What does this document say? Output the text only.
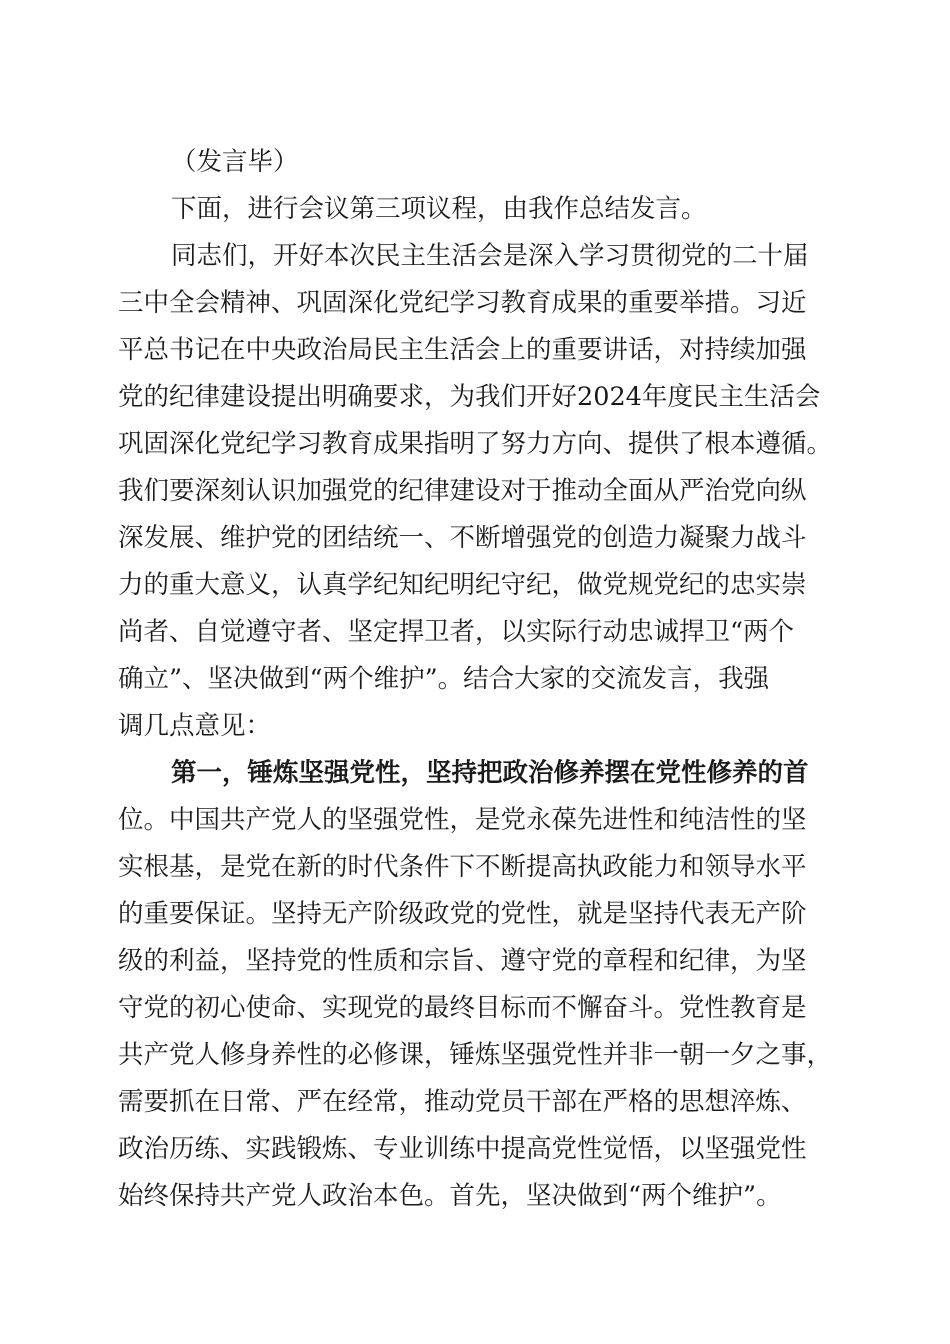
（发言毕）
下面，进行会议第三项议程，由我作总结发言。
同志们，开好本次民主生活会是深入学习贯彻党的二十届
三中全会精神、巩固深化党纪学习教育成果的重要举措。习近
平总书记在中央政治局民主生活会上的重要讲话，对持续加强
党的纪律建设提出明确要求，为我们开好2024年度民主生活会
巩固深化党纪学习教育成果指明了努力方向、提供了根本遵循。
我们要深刻认识加强党的纪律建设对于推动全面从严治党向纵
深发展、维护党的团结统一、不断增强党的创造力凝聚力战斗
力的重大意义，认真学纪知纪明纪守纪，做党规党纪的忠实崇
尚者、自觉遵守者、坚定捍卫者，以实际行动忠诚捍卫“两个
确立”、坚决做到“两个维护”。结合大家的交流发言，我强
调几点意见：
第一，锤炼坚强党性，坚持把政治修养摆在党性修养的首
位。中国共产党人的坚强党性，是党永葆先进性和纯洁性的坚
实根基，是党在新的时代条件下不断提高执政能力和领导水平
的重要保证。坚持无产阶级政党的党性，就是坚持代表无产阶
级的利益，坚持党的性质和宗旨、遵守党的章程和纪律，为坚
守党的初心使命、实现党的最终目标而不懈奋斗。党性教育是
共产党人修身养性的必修课，锤炼坚强党性并非一朝一夕之事，
需要抓在日常、严在经常，推动党员干部在严格的思想淬炼、
政治历练、实践锻炼、专业训练中提高党性觉悟，以坚强党性
始终保持共产党人政治本色。首先，坚决做到“两个维护”。
